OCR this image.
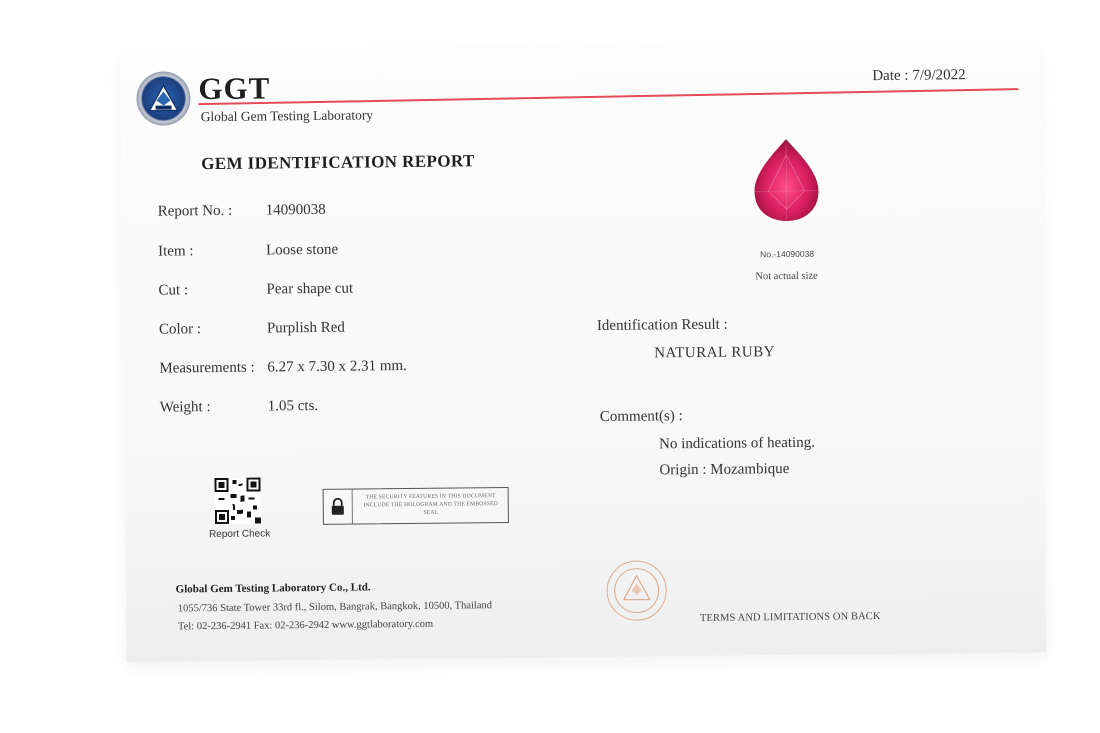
GGT
Global Gem Testing Laboratory
Date : 7/9/2022
GEM IDENTIFICATION REPORT
Report No. : 14090038
Item :	Loose stone
Cut :	Pear shape cut
Color :	Purplish Red
Measurements : 6.27 x 7.30 x 2.31 mm.
Weight :	1.05 cts.
No.-14090038
Not actual size
Identification Result :
NATURAL RUBY
Comment(s) :
No indications of heating.
Origin : Mozambique
Report Check
THE SECURITY FEATURES IN THIS DOCUMENT INCLUDE THE HOLOGRAM AND THE EMBOSSED SEAL
Global Gem Testing Laboratory Co., Ltd.
1055/736 State Tower 33rd fl., Silom, Bangrak, Bangkok, 10500, Thailand
Tel: 02-236-2941 Fax: 02-236-2942 www.ggtlaboratory.com
TERMS AND LIMITATIONS ON BACK
